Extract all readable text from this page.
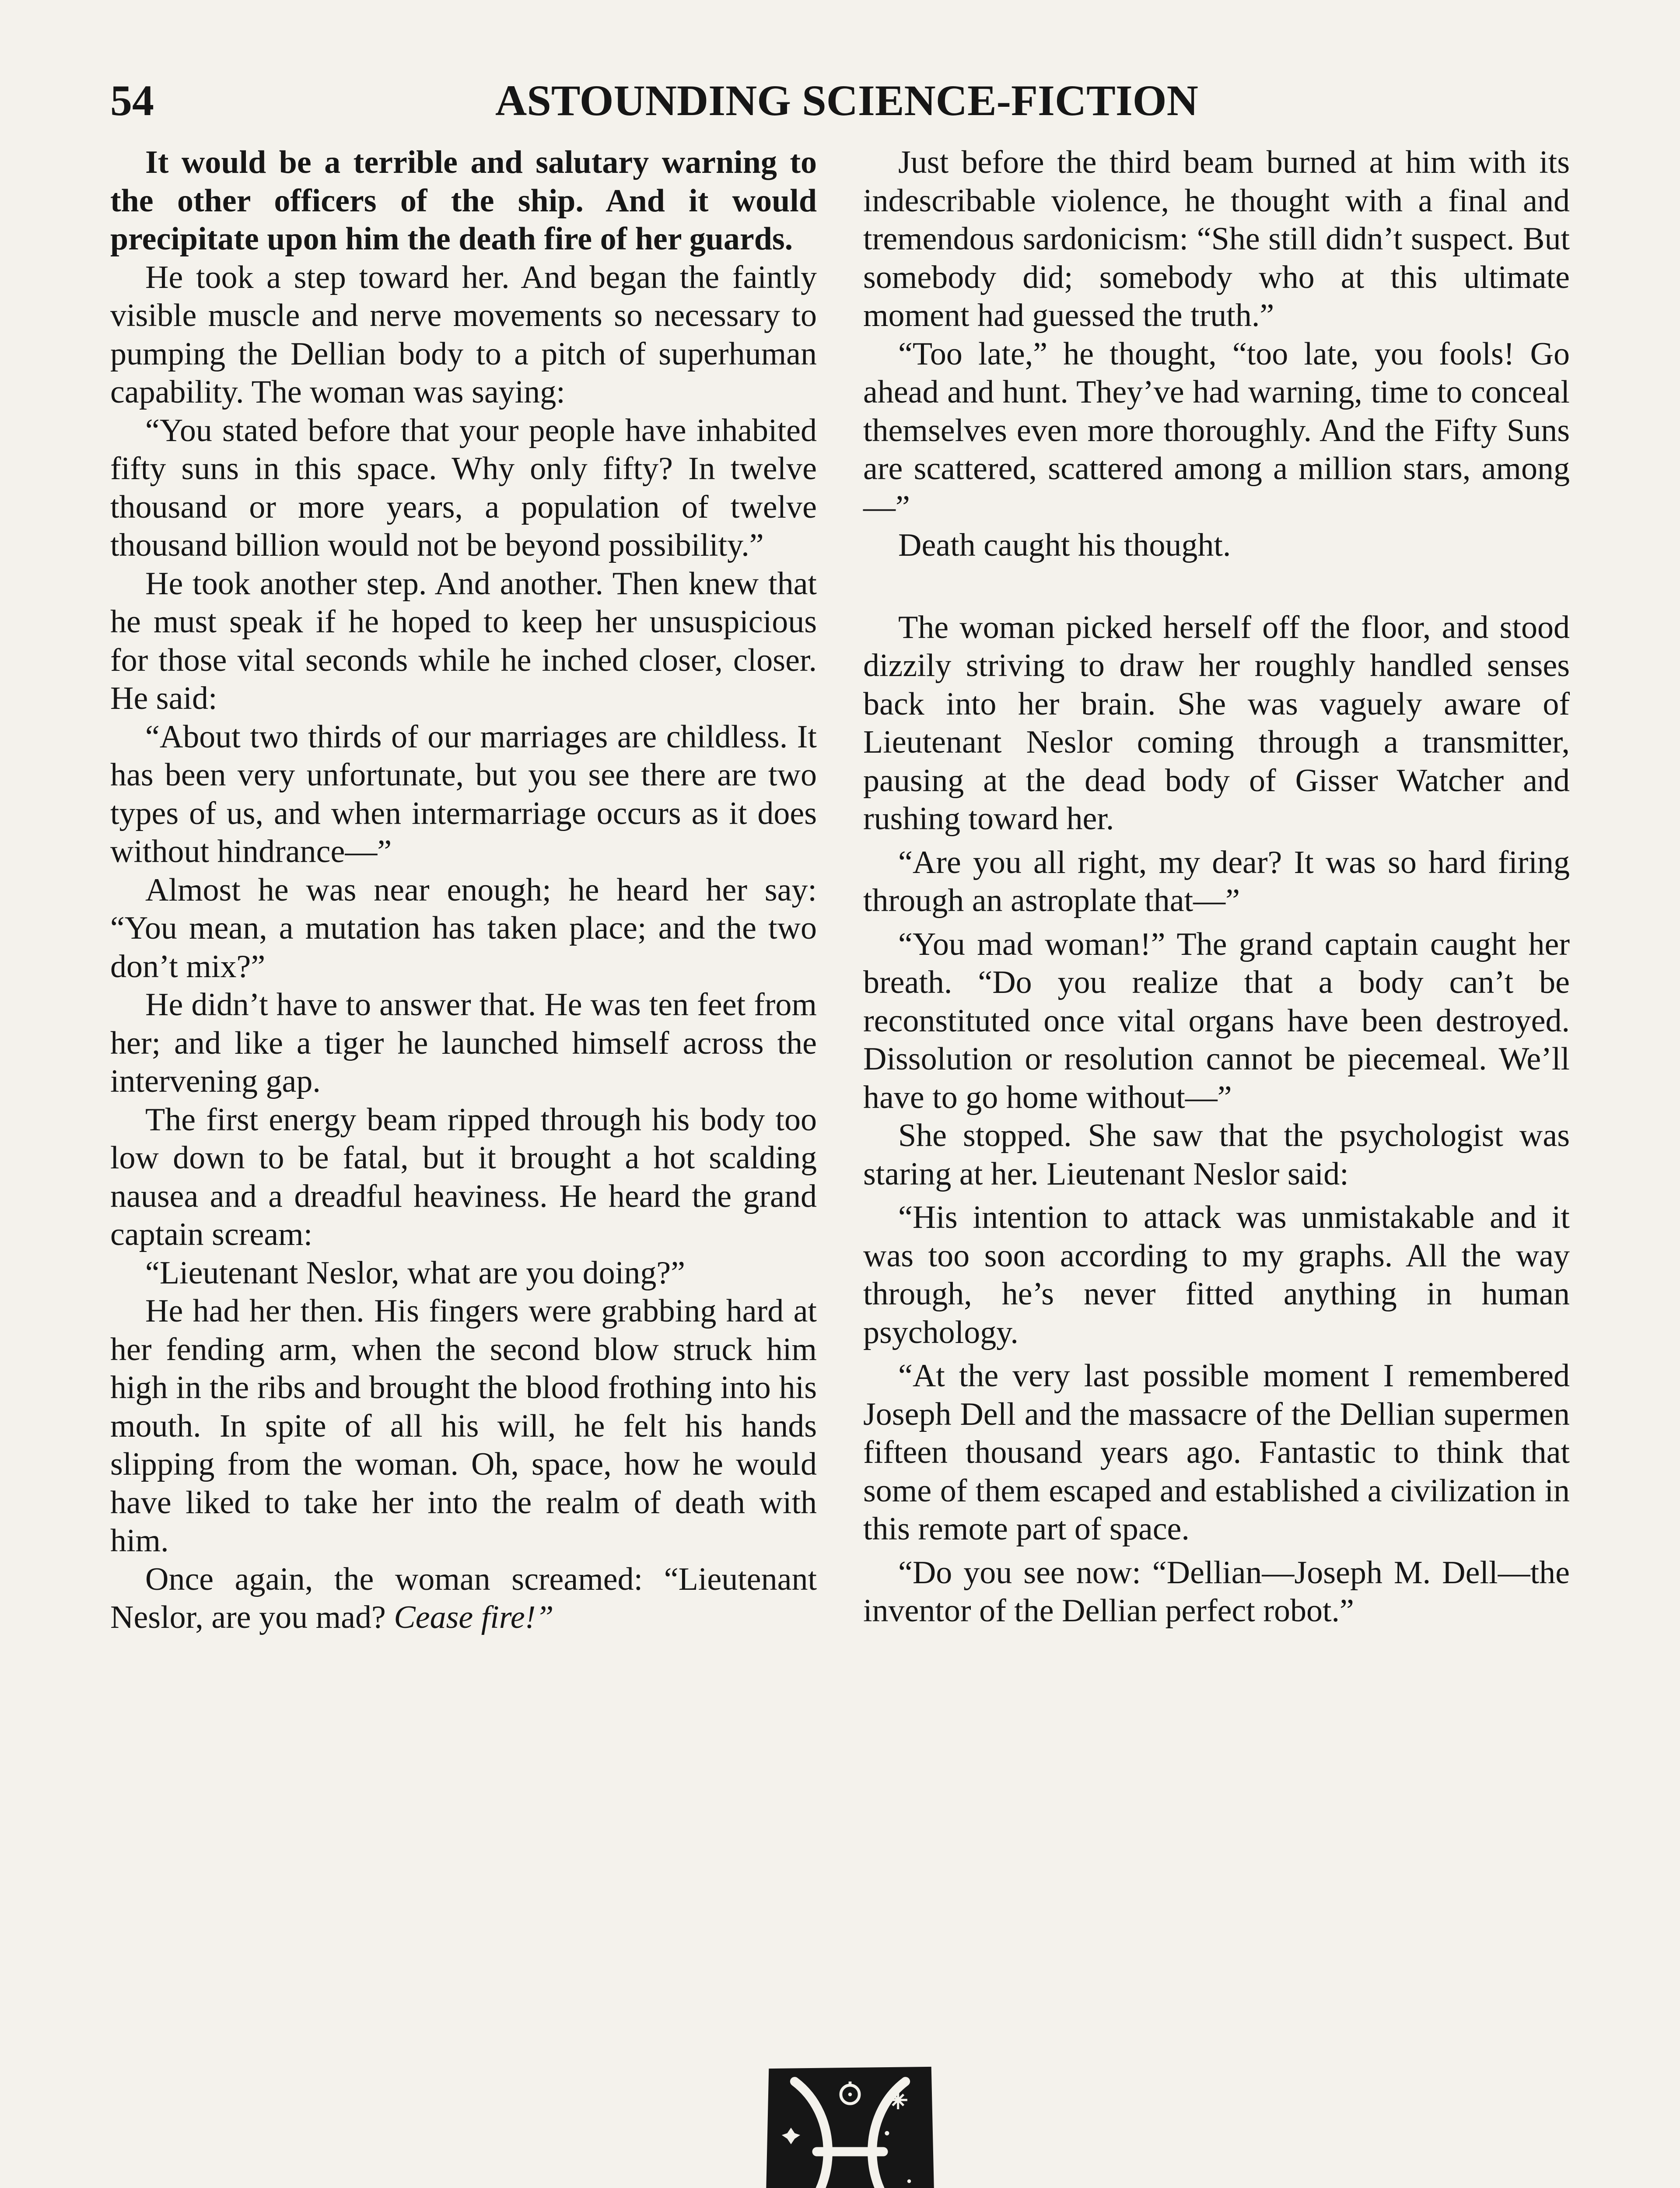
54	ASTOUNDING SCIENCE-FICTION

It would be a terrible and salutary warning to the other officers of the ship. And it would precipitate upon him the death fire of her guards.

He took a step toward her. And began the faintly visible muscle and nerve movements so necessary to pumping the Dellian body to a pitch of superhuman capability. The woman was saying:

“You stated before that your people have inhabited fifty suns in this space. Why only fifty? In twelve thousand or more years, a population of twelve thousand billion would not be beyond possibility.”

He took another step. And another. Then knew that he must speak if he hoped to keep her unsuspicious for those vital seconds while he inched closer, closer. He said:

“About two thirds of our marriages are childless. It has been very unfortunate, but you see there are two types of us, and when intermarriage occurs as it does without hindrance—”

Almost he was near enough; he heard her say: “You mean, a mutation has taken place; and the two don’t mix?”

He didn’t have to answer that. He was ten feet from her; and like a tiger he launched himself across the intervening gap.

The first energy beam ripped through his body too low down to be fatal, but it brought a hot scalding nausea and a dreadful heaviness. He heard the grand captain scream:

“Lieutenant Neslor, what are you doing?”

He had her then. His fingers were grabbing hard at her fending arm, when the second blow struck him high in the ribs and brought the blood frothing into his mouth. In spite of all his will, he felt his hands slipping from the woman. Oh, space, how he would have liked to take her into the realm of death with him.

Once again, the woman screamed: “Lieutenant Neslor, are you mad? Cease fire!”

Just before the third beam burned at him with its indescribable violence, he thought with a final and tremendous sardonicism: “She still didn’t suspect. But somebody did; somebody who at this ultimate moment had guessed the truth.”

“Too late,” he thought, “too late, you fools! Go ahead and hunt. They’ve had warning, time to conceal themselves even more thoroughly. And the Fifty Suns are scattered, scattered among a million stars, among—”

Death caught his thought.

The woman picked herself off the floor, and stood dizzily striving to draw her roughly handled senses back into her brain. She was vaguely aware of Lieutenant Neslor coming through a transmitter, pausing at the dead body of Gisser Watcher and rushing toward her.

“Are you all right, my dear? It was so hard firing through an astroplate that—”

“You mad woman!” The grand captain caught her breath. “Do you realize that a body can’t be reconstituted once vital organs have been destroyed. Dissolution or resolution cannot be piecemeal. We’ll have to go home without—”

She stopped. She saw that the psychologist was staring at her. Lieutenant Neslor said:

“His intention to attack was unmistakable and it was too soon according to my graphs. All the way through, he’s never fitted anything in human psychology.

“At the very last possible moment I remembered Joseph Dell and the massacre of the Dellian supermen fifteen thousand years ago. Fantastic to think that some of them escaped and established a civilization in this remote part of space.

“Do you see now: “Dellian—Joseph M. Dell—the inventor of the Dellian perfect robot.”
